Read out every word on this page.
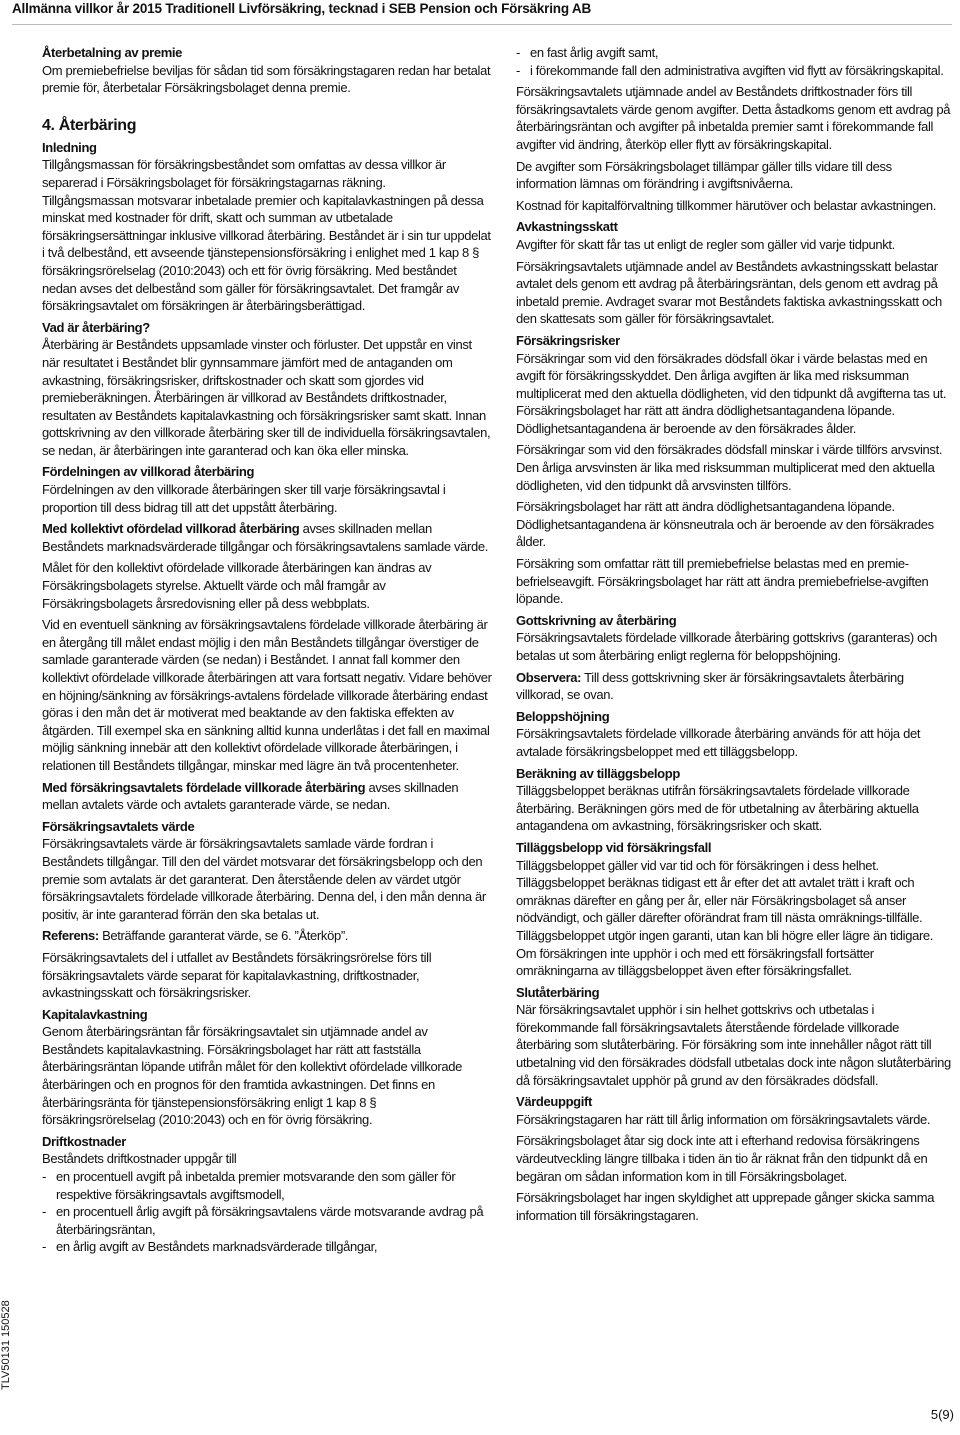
Allmänna villkor år 2015 Traditionell Livförsäkring, tecknad i SEB Pension och Försäkring AB

Återbetalning av premie

Om premiebefrielse beviljas för sådan tid som försäkringstagaren redan har betalat premie för, återbetalar Försäkringsbolaget denna premie.

4. Återbäring

Inledning

Tillgångsmassan för försäkringsbeståndet som omfattas av dessa villkor är separerad i Försäkringsbolaget för försäkringstagarnas räkning.

Tillgångsmassan motsvarar inbetalade premier och kapitalavkastningen på dessa minskat med kostnader för drift, skatt och summan av utbetalade försäkringsersättningar inklusive villkorad återbäring. Beståndet är i sin tur uppdelat i två delbestånd, ett avseende tjänstepensionsförsäkring i enlighet med 1 kap 8 § försäkringsrörelselag (2010:2043) och ett för övrig försäkring. Med beståndet nedan avses det delbestånd som gäller för försäkringsavtalet. Det framgår av försäkringsavtalet om försäkringen är återbäringsberättigad.

Vad är återbäring?

Återbäring är Beståndets uppsamlade vinster och förluster. Det uppstår en vinst när resultatet i Beståndet blir gynnsammare jämfört med de antaganden om avkastning, försäkringsrisker, driftskostnader och skatt som gjordes vid premieberäkningen. Återbäringen är villkorad av Beståndets driftkostnader, resultaten av Beståndets kapitalavkastning och försäkringsrisker samt skatt. Innan gottskrivning av den villkorade återbäring sker till de individuella försäkringsavtalen, se nedan, är återbäringen inte garanterad och kan öka eller minska.

Fördelningen av villkorad återbäring

Fördelningen av den villkorade återbäringen sker till varje försäkringsavtal i proportion till dess bidrag till att det uppstått återbäring.

Med kollektivt ofördelad villkorad återbäring avses skillnaden mellan Beståndets marknadsvärderade tillgångar och försäkringsavtalens samlade värde.

Målet för den kollektivt ofördelade villkorade återbäringen kan ändras av Försäkringsbolagets styrelse. Aktuellt värde och mål framgår av Försäkringsbolagets årsredovisning eller på dess webbplats.

Vid en eventuell sänkning av försäkringsavtalens fördelade villkorade återbäring är en återgång till målet endast möjlig i den mån Beståndets tillgångar överstiger de samlade garanterade värden (se nedan) i Beståndet. I annat fall kommer den kollektivt ofördelade villkorade återbäringen att vara fortsatt negativ. Vidare behöver en höjning/sänkning av försäkrings-avtalens fördelade villkorade återbäring endast göras i den mån det är motiverat med beaktande av den faktiska effekten av åtgärden. Till exempel ska en sänkning alltid kunna underlåtas i det fall en maximal möjlig sänkning innebär att den kollektivt ofördelade villkorade återbäringen, i relationen till Beståndets tillgångar, minskar med lägre än två procentenheter.

Med försäkringsavtalets fördelade villkorade återbäring avses skillnaden mellan avtalets värde och avtalets garanterade värde, se nedan.

Försäkringsavtalets värde

Försäkringsavtalets värde är försäkringsavtalets samlade värde fordran i Beståndets tillgångar. Till den del värdet motsvarar det försäkringsbelopp och den premie som avtalats är det garanterat. Den återstående delen av värdet utgör försäkringsavtalets fördelade villkorade återbäring. Denna del, i den mån denna är positiv, är inte garanterad förrän den ska betalas ut.

Referens: Beträffande garanterat värde, se 6. ”Återköp”.

Försäkringsavtalets del i utfallet av Beståndets försäkringsrörelse förs till försäkringsavtalets värde separat för kapitalavkastning, driftkostnader, avkastningsskatt och försäkringsrisker.

Kapitalavkastning

Genom återbäringsräntan får försäkringsavtalet sin utjämnade andel av Beståndets kapitalavkastning. Försäkringsbolaget har rätt att fastställa återbäringsräntan löpande utifrån målet för den kollektivt ofördelade villkorade återbäringen och en prognos för den framtida avkastningen. Det finns en återbäringsränta för tjänstepensionsförsäkring enligt 1 kap 8 § försäkringsrörelselag (2010:2043) och en för övrig försäkring.

Driftkostnader

Beståndets driftkostnader uppgår till

- en procentuell avgift på inbetalda premier motsvarande den som gäller för respektive försäkringsavtals avgiftsmodell,
- en procentuell årlig avgift på försäkringsavtalens värde motsvarande avdrag på återbäringsräntan,
- en årlig avgift av Beståndets marknadsvärderade tillgångar,
- en fast årlig avgift samt,
- i förekommande fall den administrativa avgiften vid flytt av försäkringskapital.

Försäkringsavtalets utjämnade andel av Beståndets driftkostnader förs till försäkringsavtalets värde genom avgifter. Detta åstadkoms genom ett avdrag på återbäringsräntan och avgifter på inbetalda premier samt i förekommande fall avgifter vid ändring, återköp eller flytt av försäkringskapital.

De avgifter som Försäkringsbolaget tillämpar gäller tills vidare till dess information lämnas om förändring i avgiftsnivåerna.

Kostnad för kapitalförvaltning tillkommer härutöver och belastar avkastningen.

Avkastningsskatt

Avgifter för skatt får tas ut enligt de regler som gäller vid varje tidpunkt.

Försäkringsavtalets utjämnade andel av Beståndets avkastningsskatt belastar avtalet dels genom ett avdrag på återbäringsräntan, dels genom ett avdrag på inbetald premie. Avdraget svarar mot Beståndets faktiska avkastningsskatt och den skattesats som gäller för försäkringsavtalet.

Försäkringsrisker

Försäkringar som vid den försäkrades dödsfall ökar i värde belastas med en avgift för försäkringsskyddet. Den årliga avgiften är lika med risksumman multiplicerat med den aktuella dödligheten, vid den tidpunkt då avgifterna tas ut. Försäkringsbolaget har rätt att ändra dödlighetsantagandena löpande. Dödlighetsantagandena är beroende av den försäkrades ålder.

Försäkringar som vid den försäkrades dödsfall minskar i värde tillförs arvsvinst. Den årliga arvsvinsten är lika med risksumman multiplicerat med den aktuella dödligheten, vid den tidpunkt då arvsvinsten tillförs.

Försäkringsbolaget har rätt att ändra dödlighetsantagandena löpande. Dödlighetsantagandena är könsneutrala och är beroende av den försäkrades ålder.

Försäkring som omfattar rätt till premiebefrielse belastas med en premie-befrielseavgift. Försäkringsbolaget har rätt att ändra premiebefrielse-avgiften löpande.

Gottskrivning av återbäring

Försäkringsavtalets fördelade villkorade återbäring gottskrivs (garanteras) och betalas ut som återbäring enligt reglerna för beloppshöjning.

Observera: Till dess gottskrivning sker är försäkringsavtalets återbäring villkorad, se ovan.

Beloppshöjning

Försäkringsavtalets fördelade villkorade återbäring används för att höja det avtalade försäkringsbeloppet med ett tilläggsbelopp.

Beräkning av tilläggsbelopp

Tilläggsbeloppet beräknas utifrån försäkringsavtalets fördelade villkorade återbäring. Beräkningen görs med de för utbetalning av återbäring aktuella antagandena om avkastning, försäkringsrisker och skatt.

Tilläggsbelopp vid försäkringsfall

Tilläggsbeloppet gäller vid var tid och för försäkringen i dess helhet. Tilläggsbeloppet beräknas tidigast ett år efter det att avtalet trätt i kraft och omräknas därefter en gång per år, eller när Försäkringsbolaget så anser nödvändigt, och gäller därefter oförändrat fram till nästa omräknings-tillfälle. Tilläggsbeloppet utgör ingen garanti, utan kan bli högre eller lägre än tidigare. Om försäkringen inte upphör i och med ett försäkringsfall fortsätter omräkningarna av tilläggsbeloppet även efter försäkringsfallet.

Slutåterbäring

När försäkringsavtalet upphör i sin helhet gottskrivs och utbetalas i förekommande fall försäkringsavtalets återstående fördelade villkorade återbäring som slutåterbäring. För försäkring som inte innehåller något rätt till utbetalning vid den försäkrades dödsfall utbetalas dock inte någon slutåterbäring då försäkringsavtalet upphör på grund av den försäkrades dödsfall.

Värdeuppgift

Försäkringstagaren har rätt till årlig information om försäkringsavtalets värde.

Försäkringsbolaget åtar sig dock inte att i efterhand redovisa försäkringens värdeutveckling längre tillbaka i tiden än tio år räknat från den tidpunkt då en begäran om sådan information kom in till Försäkringsbolaget.

Försäkringsbolaget har ingen skyldighet att upprepade gånger skicka samma information till försäkringstagaren.

TLV50131 150528
5(9)
